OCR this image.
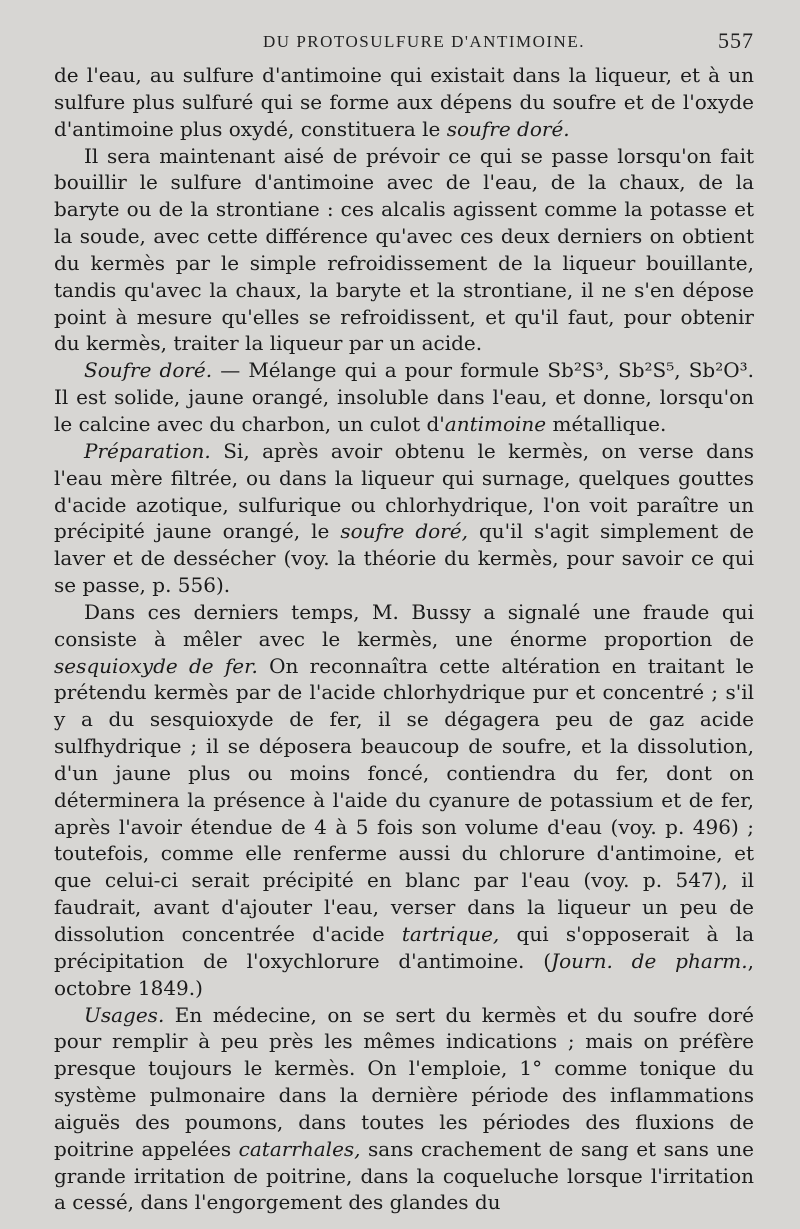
DU PROTOSULFURE D'ANTIMOINE.	557

de l'eau, au sulfure d'antimoine qui existait dans la liqueur, et à un sulfure plus sulfuré qui se forme aux dépens du soufre et de l'oxyde d'antimoine plus oxydé, constituera le soufre doré.

Il sera maintenant aisé de prévoir ce qui se passe lorsqu'on fait bouillir le sulfure d'antimoine avec de l'eau, de la chaux, de la baryte ou de la strontiane : ces alcalis agissent comme la potasse et la soude, avec cette différence qu'avec ces deux derniers on obtient du kermès par le simple refroidissement de la liqueur bouillante, tandis qu'avec la chaux, la baryte et la strontiane, il ne s'en dépose point à mesure qu'elles se refroidissent, et qu'il faut, pour obtenir du kermès, traiter la liqueur par un acide.

Soufre doré. — Mélange qui a pour formule Sb²S³, Sb²S⁵, Sb²O³. Il est solide, jaune orangé, insoluble dans l'eau, et donne, lorsqu'on le calcine avec du charbon, un culot d'antimoine métallique.

Préparation. Si, après avoir obtenu le kermès, on verse dans l'eau mère filtrée, ou dans la liqueur qui surnage, quelques gouttes d'acide azotique, sulfurique ou chlorhydrique, l'on voit paraître un précipité jaune orangé, le soufre doré, qu'il s'agit simplement de laver et de dessécher (voy. la théorie du kermès, pour savoir ce qui se passe, p. 556).

Dans ces derniers temps, M. Bussy a signalé une fraude qui consiste à mêler avec le kermès, une énorme proportion de sesquioxyde de fer. On reconnaîtra cette altération en traitant le prétendu kermès par de l'acide chlorhydrique pur et concentré ; s'il y a du sesquioxyde de fer, il se dégagera peu de gaz acide sulfhydrique ; il se déposera beaucoup de soufre, et la dissolution, d'un jaune plus ou moins foncé, contiendra du fer, dont on déterminera la présence à l'aide du cyanure de potassium et de fer, après l'avoir étendue de 4 à 5 fois son volume d'eau (voy. p. 496) ; toutefois, comme elle renferme aussi du chlorure d'antimoine, et que celui-ci serait précipité en blanc par l'eau (voy. p. 547), il faudrait, avant d'ajouter l'eau, verser dans la liqueur un peu de dissolution concentrée d'acide tartrique, qui s'opposerait à la précipitation de l'oxychlorure d'antimoine. (Journ. de pharm., octobre 1849.)

Usages. En médecine, on se sert du kermès et du soufre doré pour remplir à peu près les mêmes indications ; mais on préfère presque toujours le kermès. On l'emploie, 1° comme tonique du système pulmonaire dans la dernière période des inflammations aiguës des poumons, dans toutes les périodes des fluxions de poitrine appelées catarrhales, sans crachement de sang et sans une grande irritation de poitrine, dans la coqueluche lorsque l'irritation a cessé, dans l'engorgement des glandes du
